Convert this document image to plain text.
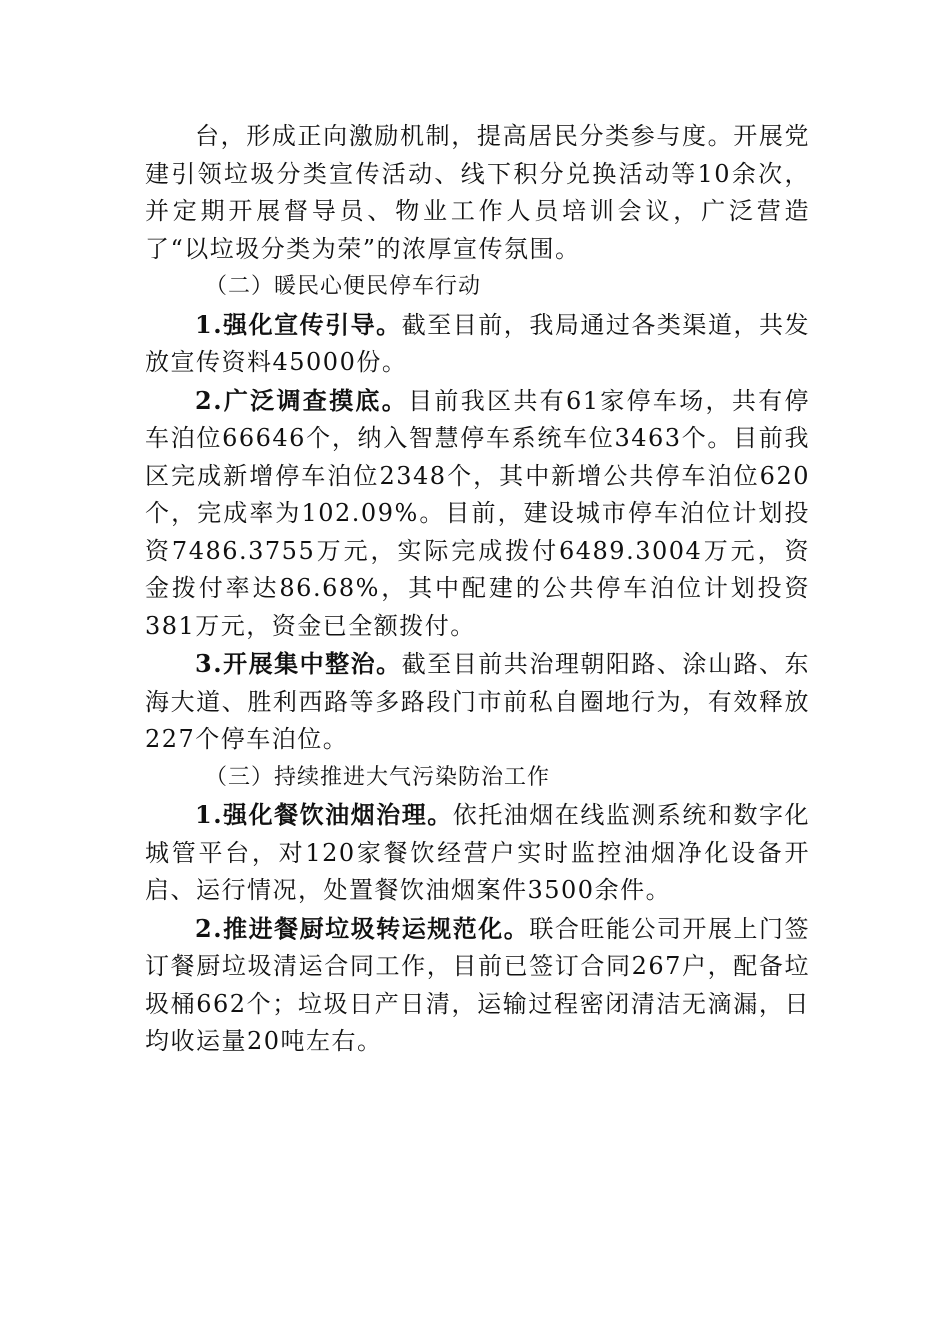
台，形成正向激励机制，提高居民分类参与度。开展党建引领垃圾分类宣传活动、线下积分兑换活动等10余次，并定期开展督导员、物业工作人员培训会议，广泛营造了“以垃圾分类为荣”的浓厚宣传氛围。

（二）暖民心便民停车行动

1.强化宣传引导。截至目前，我局通过各类渠道，共发放宣传资料45000份。

2.广泛调查摸底。目前我区共有61家停车场，共有停车泊位66646个，纳入智慧停车系统车位3463个。目前我区完成新增停车泊位2348个，其中新增公共停车泊位620个，完成率为102.09%。目前，建设城市停车泊位计划投资7486.3755万元，实际完成拨付6489.3004万元，资金拨付率达86.68%，其中配建的公共停车泊位计划投资381万元，资金已全额拨付。

3.开展集中整治。截至目前共治理朝阳路、涂山路、东海大道、胜利西路等多路段门市前私自圈地行为，有效释放227个停车泊位。

（三）持续推进大气污染防治工作

1.强化餐饮油烟治理。依托油烟在线监测系统和数字化城管平台，对120家餐饮经营户实时监控油烟净化设备开启、运行情况，处置餐饮油烟案件3500余件。

2.推进餐厨垃圾转运规范化。联合旺能公司开展上门签订餐厨垃圾清运合同工作，目前已签订合同267户，配备垃圾桶662个；垃圾日产日清，运输过程密闭清洁无滴漏，日均收运量20吨左右。
